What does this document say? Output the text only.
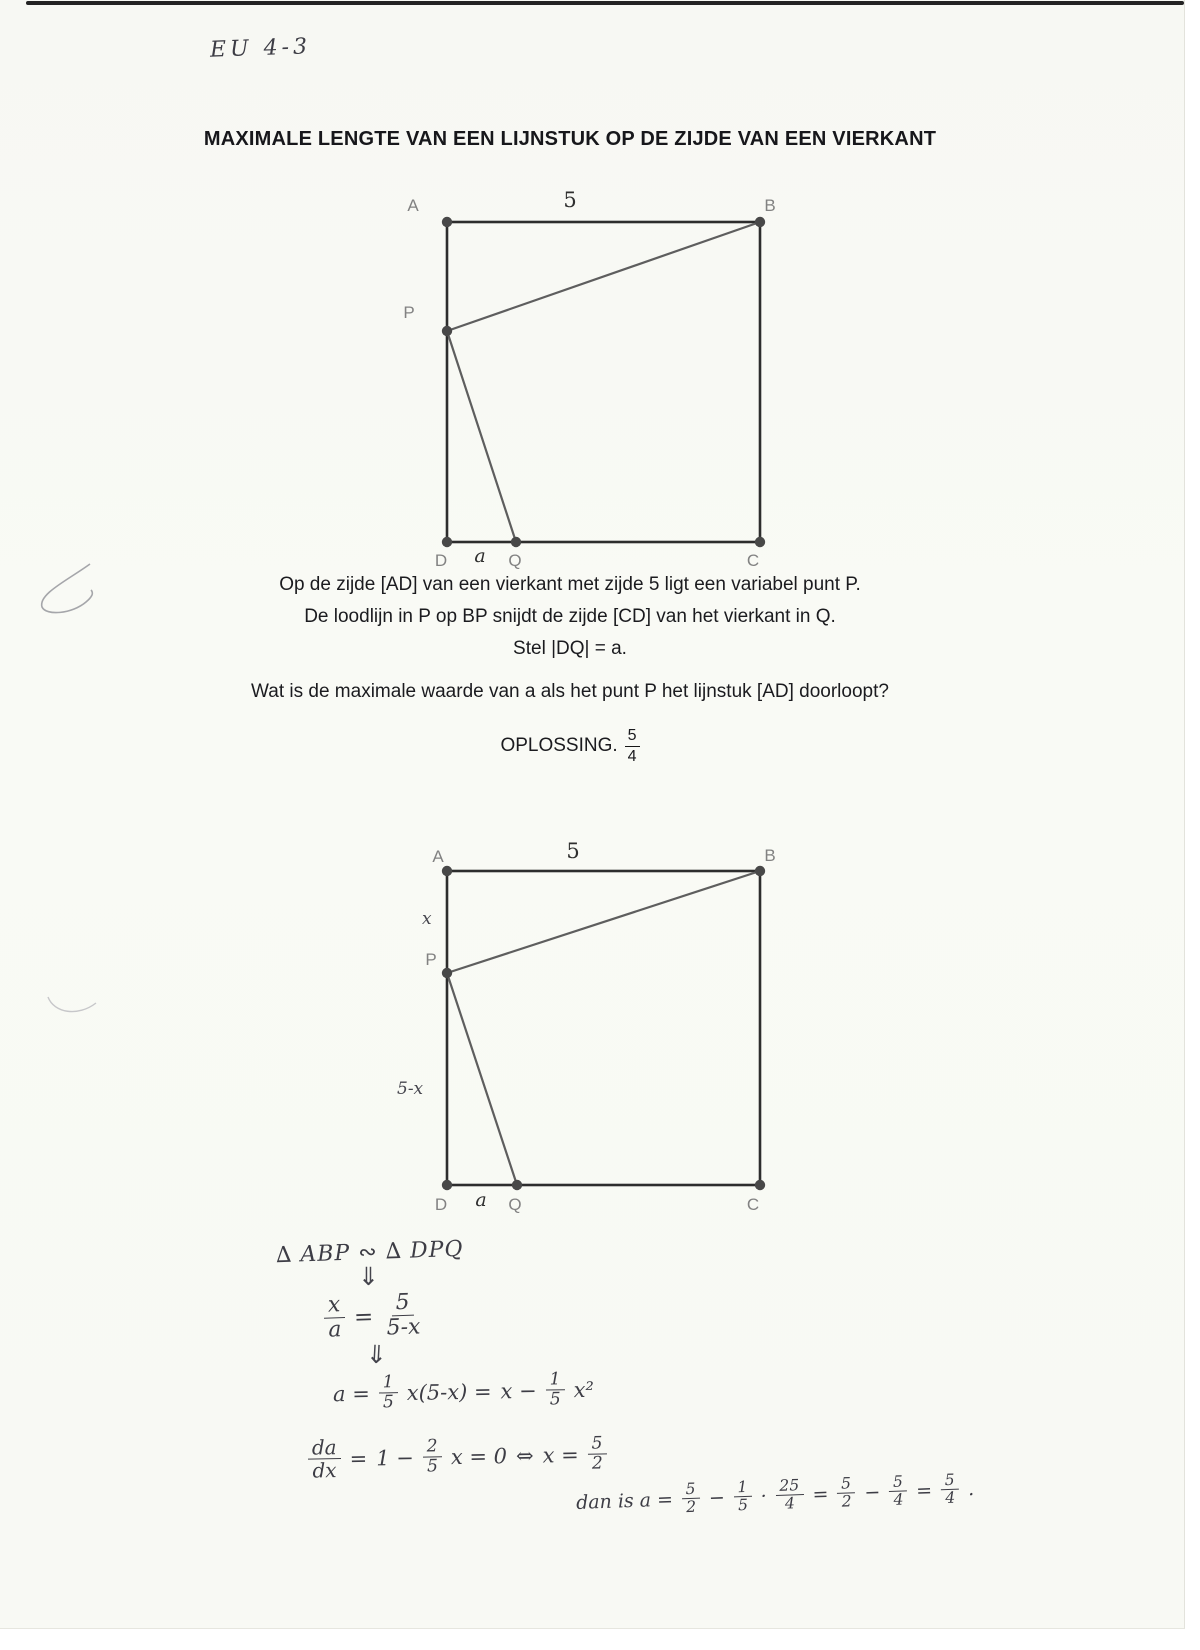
EU 4-3
MAXIMALE LENGTE VAN EEN LIJNSTUK OP DE ZIJDE VAN EEN VIERKANT
A	5	B
P
D a Q	C
Op de zijde [AD] van een vierkant met zijde 5 ligt een variabel punt P.
De loodlijn in P op BP snijdt de zijde [CD] van het vierkant in Q.
Stel |DQ| = a.
Wat is de maximale waarde van a als het punt P het lijnstuk [AD] doorloopt?
OPLOSSING. $\frac{5}{4}$
A	5	B
x
P
5-x
D a Q	C
∆ ABP ∾ ∆ DPQ
⇓
$\frac{x}{a} = \frac{5}{5-x}$
⇓
$a = \frac{1}{5} x(5-x) = x - \frac{1}{5} x^2$
$\frac{da}{dx} = 1 - \frac{2}{5}$ x = 0 ⇔ $x = \frac{5}{2}$
dan is $a = \frac{5}{2} - \frac{1}{5} \cdot \frac{25}{4} = \frac{5}{2} - \frac{5}{4} = \frac{5}{4}$ .
